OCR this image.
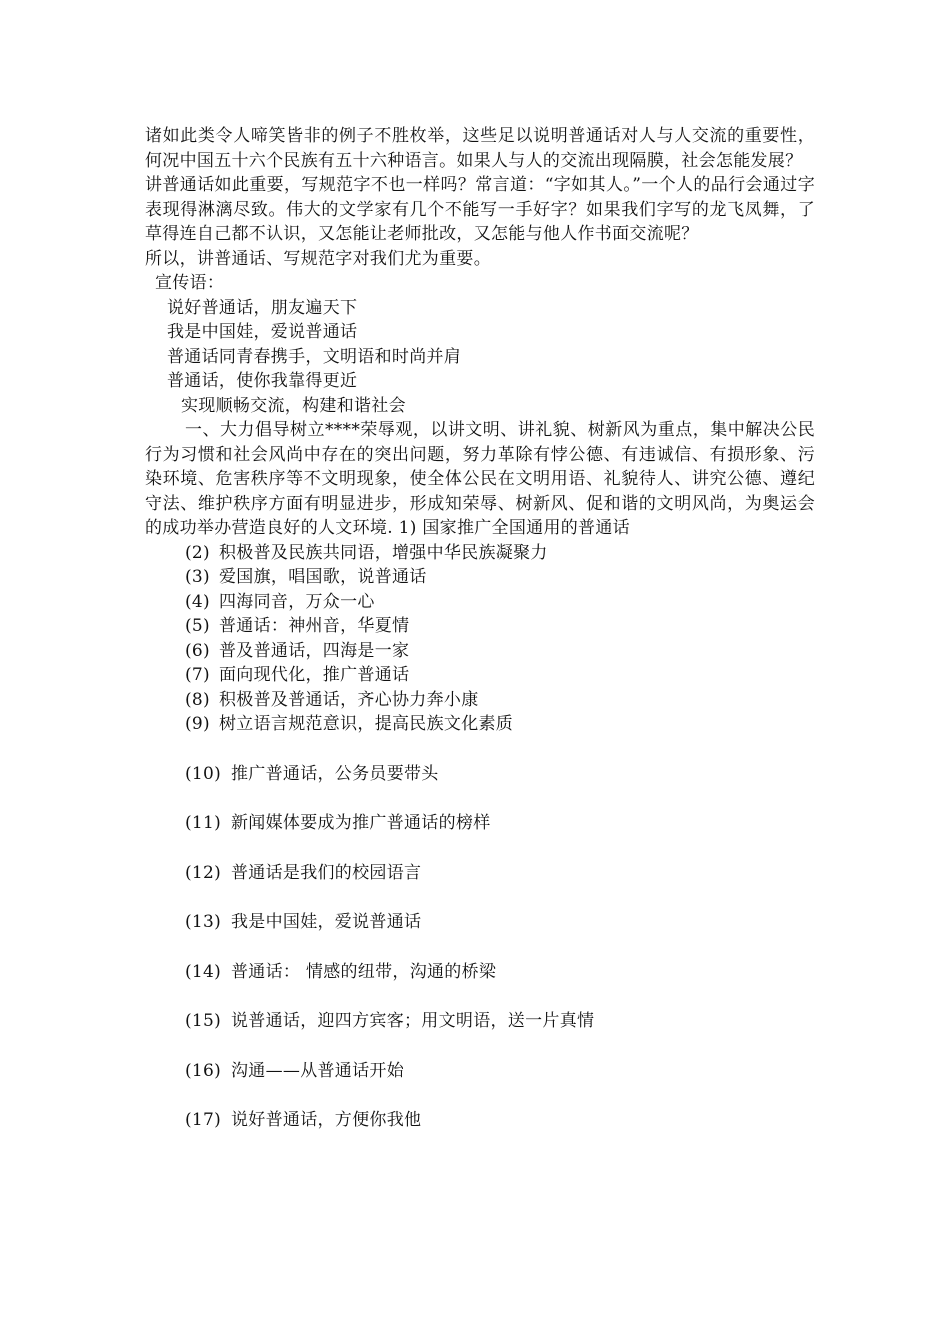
诸如此类令人啼笑皆非的例子不胜枚举，这些足以说明普通话对人与人交流的重要性，何况中国五十六个民族有五十六种语言。如果人与人的交流出现隔膜，社会怎能发展？

讲普通话如此重要，写规范字不也一样吗？常言道：“字如其人。”一个人的品行会通过字表现得淋漓尽致。伟大的文学家有几个不能写一手好字？如果我们字写的龙飞凤舞，了草得连自己都不认识，又怎能让老师批改，又怎能与他人作书面交流呢？

所以，讲普通话、写规范字对我们尤为重要。

宣传语：

说好普通话，朋友遍天下

我是中国娃，爱说普通话

普通话同青春携手，文明语和时尚并肩

普通话，使你我靠得更近

实现顺畅交流，构建和谐社会

一、大力倡导树立****荣辱观，以讲文明、讲礼貌、树新风为重点，集中解决公民行为习惯和社会风尚中存在的突出问题，努力革除有悖公德、有违诚信、有损形象、污染环境、危害秩序等不文明现象，使全体公民在文明用语、礼貌待人、讲究公德、遵纪守法、维护秩序方面有明显进步，形成知荣辱、树新风、促和谐的文明风尚，为奥运会的成功举办营造良好的人文环境. 1) 国家推广全国通用的普通话

(2) 积极普及民族共同语，增强中华民族凝聚力

(3) 爱国旗，唱国歌，说普通话

(4) 四海同音，万众一心

(5) 普通话：神州音，华夏情

(6) 普及普通话，四海是一家

(7) 面向现代化，推广普通话

(8) 积极普及普通话，齐心协力奔小康

(9) 树立语言规范意识，提高民族文化素质

(10) 推广普通话，公务员要带头

(11) 新闻媒体要成为推广普通话的榜样

(12) 普通话是我们的校园语言

(13) 我是中国娃，爱说普通话

(14) 普通话： 情感的纽带，沟通的桥梁

(15) 说普通话，迎四方宾客；用文明语，送一片真情

(16) 沟通——从普通话开始

(17) 说好普通话，方便你我他
